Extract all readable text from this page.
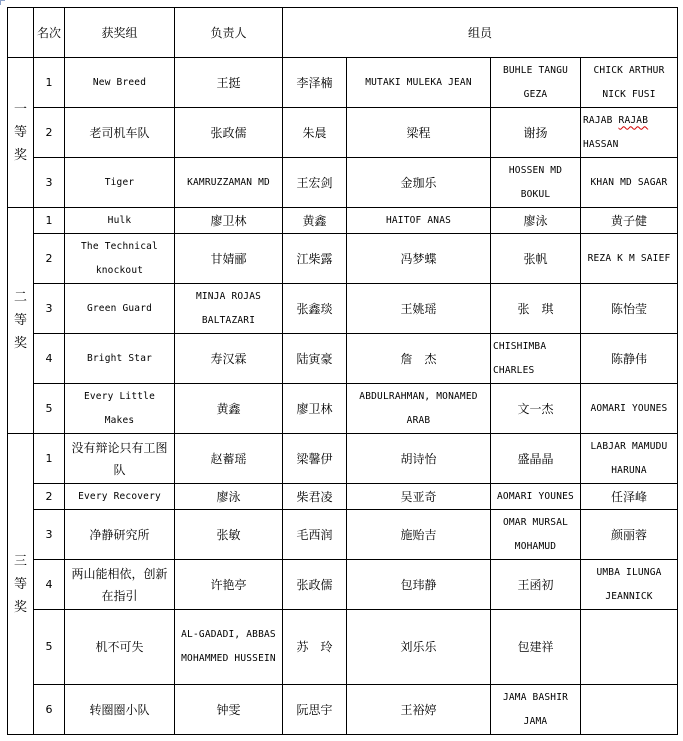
	名次	获奖组	负责人	组员			

一等奖	1	New Breed	王挺	李泽楠	MUTAKI MULEKA JEAN	BUHLE TANGU GEZA	CHICK ARTHUR NICK FUSI
	2	老司机车队	张政儒	朱晨	梁程	谢扬	RAJAB RAJAB HASSAN
	3	Tiger	KAMRUZZAMAN MD	王宏剑	金珈乐	HOSSEN MD BOKUL	KHAN MD SAGAR

二等奖	1	Hulk	廖卫林	黄鑫	HAITOF ANAS	廖泳	黄子健
	2	The Technical knockout	甘婧郦	江柴露	冯梦蝶	张帆	REZA K M SAIEF
	3	Green Guard	MINJA ROJAS BALTAZARI	张鑫琰	王姚瑶	张　琪	陈怡莹
	4	Bright Star	寿汉霖	陆寅豪	詹　杰	CHISHIMBA CHARLES	陈静伟
	5	Every Little Makes	黄鑫	廖卫林	ABDULRAHMAN, MONAMED ARAB	文一杰	AOMARI YOUNES

三等奖	1	没有辩论只有工图队	赵蓄瑶	梁馨伊	胡诗怡	盛晶晶	LABJAR MAMUDU HARUNA
	2	Every Recovery	廖泳	柴君凌	吴亚奇	AOMARI YOUNES	任泽峰
	3	净静研究所	张敏	毛西润	施贻吉	OMAR MURSAL MOHAMUD	颜丽蓉
	4	两山能相依，创新在指引	许艳亭	张政儒	包玮静	王函初	UMBA ILUNGA JEANNICK
	5	机不可失	AL-GADADI, ABBAS MOHAMMED HUSSEIN	苏　玲	刘乐乐	包建祥	
	6	转圈圈小队	钟雯	阮思宇	王裕婷	JAMA BASHIR JAMA	
